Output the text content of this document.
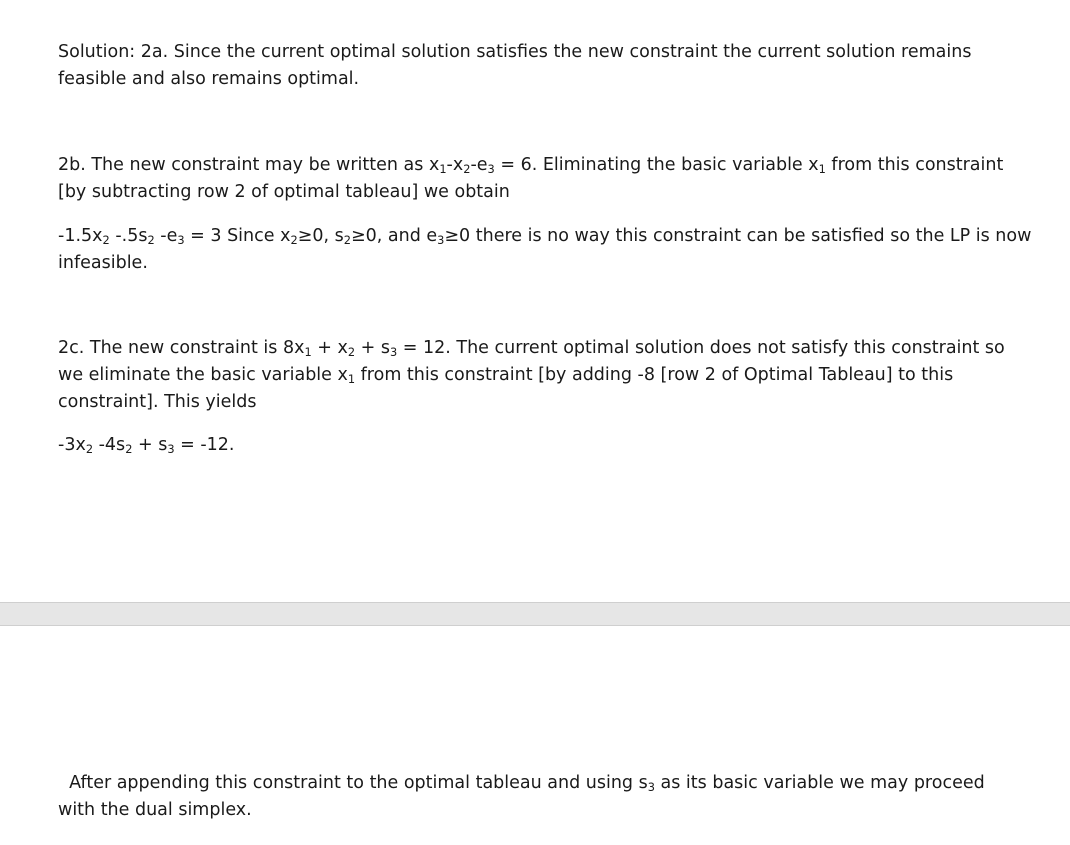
Solution: 2a. Since the current optimal solution satisfies the new constraint the current solution remains
feasible and also remains optimal.

2b. The new constraint may be written as $x_1-x_2-e_3 = 6$. Eliminating the basic variable $x_1$ from this constraint
[by subtracting row 2 of optimal tableau] we obtain

$-1.5x_2$ $-.5s_2$ $-e_3 = 3$ Since $x_2\ge 0$, $s_2\ge 0$, and $e_3\ge 0$ there is no way this constraint can be satisfied so the LP is now
infeasible.

2c. The new constraint is $8x_1 + x_2 + s_3 = 12$. The current optimal solution does not satisfy this constraint so
we eliminate the basic variable $x_1$ from this constraint [by adding -8 [row 2 of Optimal Tableau] to this
constraint]. This yields

$-3x_2$ $-4s_2 + s_3 = -12$.

After appending this constraint to the optimal tableau and using $s_3$ as its basic variable we may proceed
with the dual simplex.
